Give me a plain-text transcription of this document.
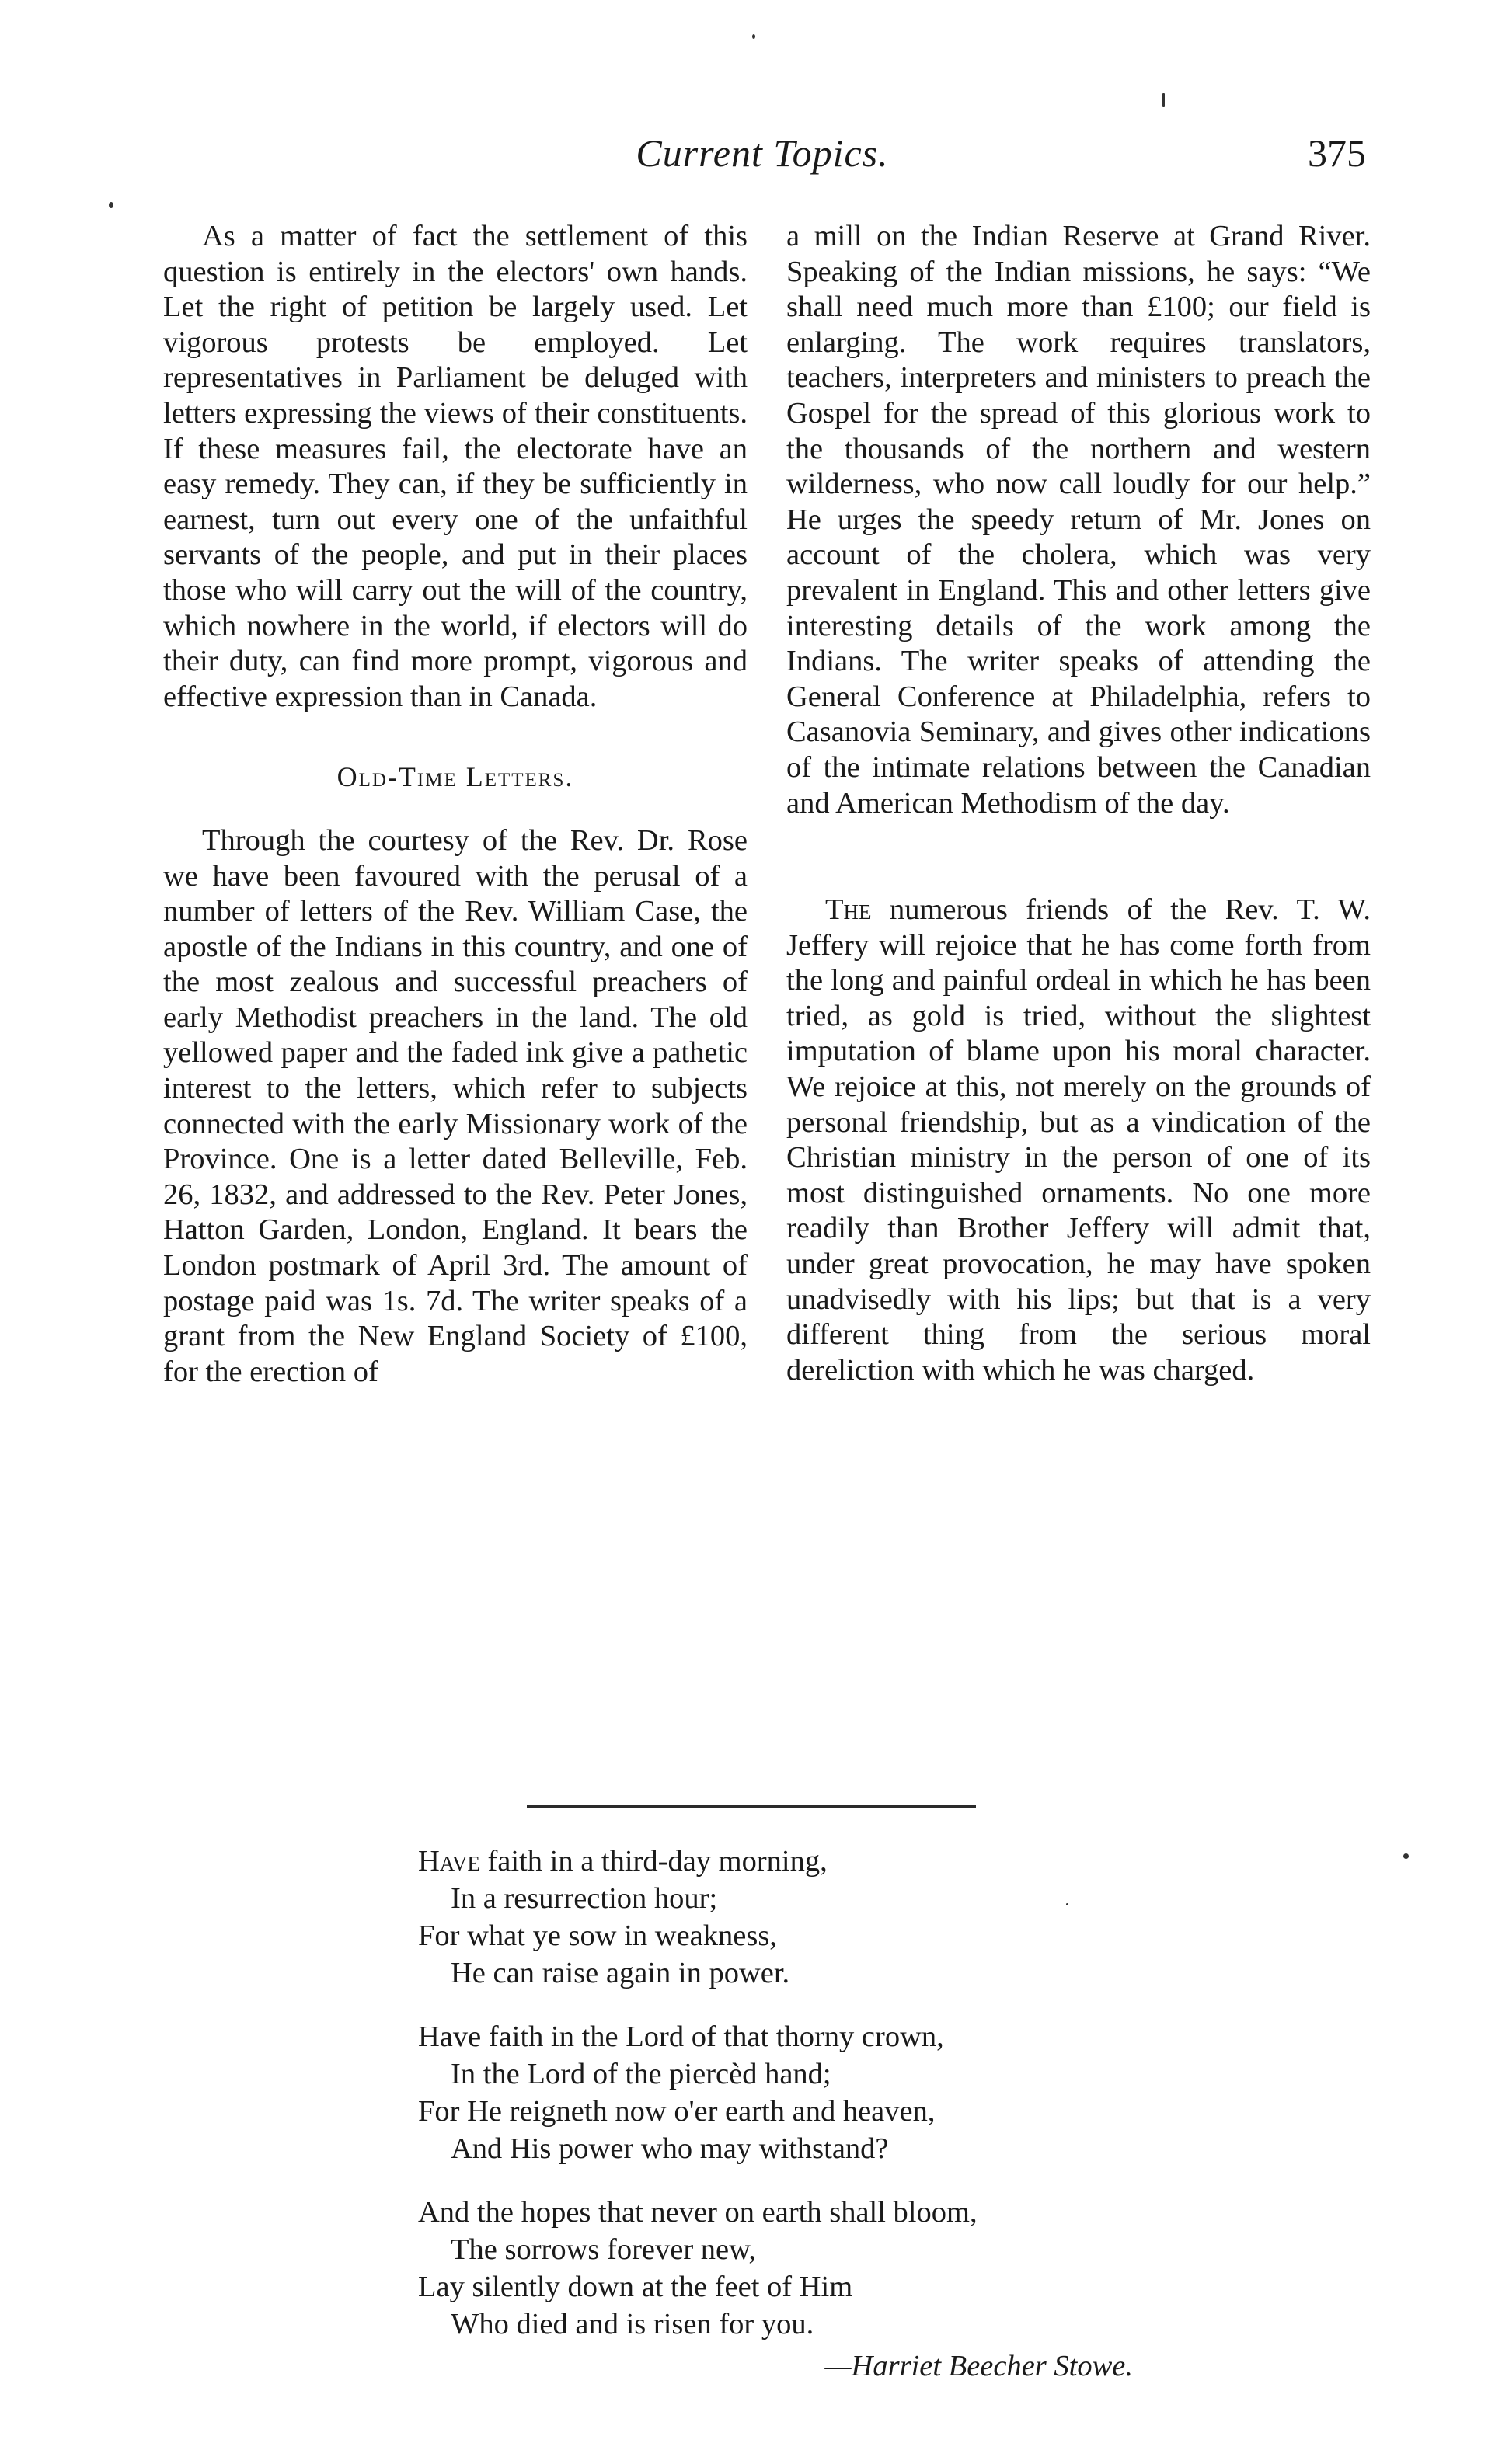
Current Topics.	375

As a matter of fact the settlement of this question is entirely in the electors' own hands. Let the right of petition be largely used. Let vigorous protests be employed. Let representatives in Parliament be deluged with letters expressing the views of their constituents. If these measures fail, the electorate have an easy remedy. They can, if they be sufficiently in earnest, turn out every one of the unfaithful servants of the people, and put in their places those who will carry out the will of the country, which nowhere in the world, if electors will do their duty, can find more prompt, vigorous and effective expression than in Canada.

Old-Time Letters.

Through the courtesy of the Rev. Dr. Rose we have been favoured with the perusal of a number of letters of the Rev. William Case, the apostle of the Indians in this country, and one of the most zealous and successful preachers of early Methodist preachers in the land. The old yellowed paper and the faded ink give a pathetic interest to the letters, which refer to subjects connected with the early Missionary work of the Province. One is a letter dated Belleville, Feb. 26, 1832, and addressed to the Rev. Peter Jones, Hatton Garden, London, England. It bears the London postmark of April 3rd. The amount of postage paid was 1s. 7d. The writer speaks of a grant from the New England Society of £100, for the erection of

a mill on the Indian Reserve at Grand River. Speaking of the Indian missions, he says: “We shall need much more than £100; our field is enlarging. The work requires translators, teachers, interpreters and ministers to preach the Gospel for the spread of this glorious work to the thousands of the northern and western wilderness, who now call loudly for our help.” He urges the speedy return of Mr. Jones on account of the cholera, which was very prevalent in England. This and other letters give interesting details of the work among the Indians. The writer speaks of attending the General Conference at Philadelphia, refers to Casanovia Seminary, and gives other indications of the intimate relations between the Canadian and American Methodism of the day.

The numerous friends of the Rev. T. W. Jeffery will rejoice that he has come forth from the long and painful ordeal in which he has been tried, as gold is tried, without the slightest imputation of blame upon his moral character. We rejoice at this, not merely on the grounds of personal friendship, but as a vindication of the Christian ministry in the person of one of its most distinguished ornaments. No one more readily than Brother Jeffery will admit that, under great provocation, he may have spoken unadvisedly with his lips; but that is a very different thing from the serious moral dereliction with which he was charged.

Have faith in a third-day morning,
In a resurrection hour;
For what ye sow in weakness,
He can raise again in power.
Have faith in the Lord of that thorny crown,
In the Lord of the piercèd hand;
For He reigneth now o'er earth and heaven,
And His power who may withstand?
And the hopes that never on earth shall bloom,
The sorrows forever new,
Lay silently down at the feet of Him
Who died and is risen for you.
—Harriet Beecher Stowe.
